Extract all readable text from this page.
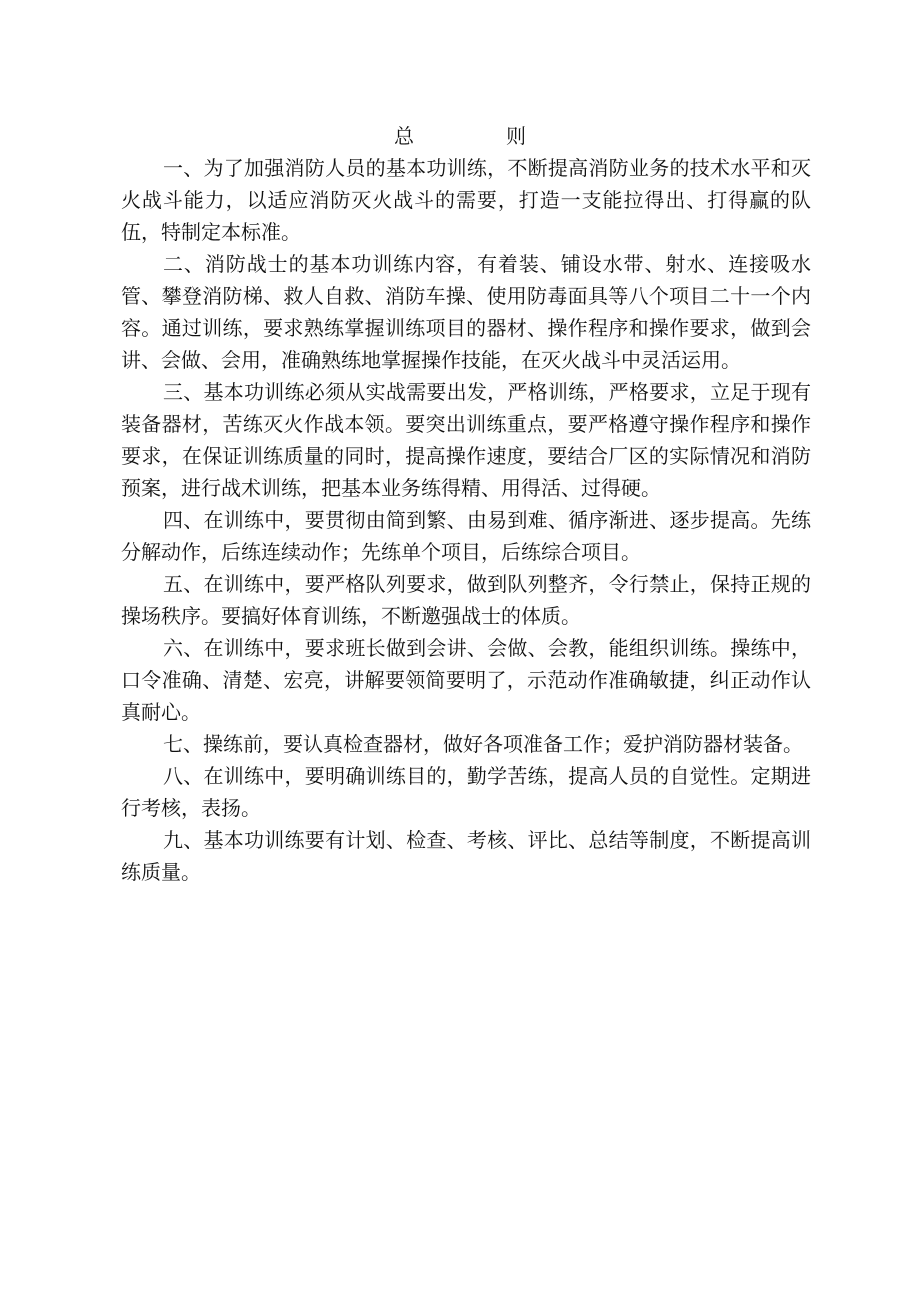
总	则

一、为了加强消防人员的基本功训练，不断提高消防业务的技术水平和灭火战斗能力，以适应消防灭火战斗的需要，打造一支能拉得出、打得赢的队伍，特制定本标准。

二、消防战士的基本功训练内容，有着装、铺设水带、射水、连接吸水管、攀登消防梯、救人自救、消防车操、使用防毒面具等八个项目二十一个内容。通过训练，要求熟练掌握训练项目的器材、操作程序和操作要求，做到会讲、会做、会用，准确熟练地掌握操作技能，在灭火战斗中灵活运用。

三、基本功训练必须从实战需要出发，严格训练，严格要求，立足于现有装备器材，苦练灭火作战本领。要突出训练重点，要严格遵守操作程序和操作要求，在保证训练质量的同时，提高操作速度，要结合厂区的实际情况和消防预案，进行战术训练，把基本业务练得精、用得活、过得硬。

四、在训练中，要贯彻由简到繁、由易到难、循序渐进、逐步提高。先练分解动作，后练连续动作；先练单个项目，后练综合项目。

五、在训练中，要严格队列要求，做到队列整齐，令行禁止，保持正规的操场秩序。要搞好体育训练，不断邀强战士的体质。

六、在训练中，要求班长做到会讲、会做、会教，能组织训练。操练中，口令准确、清楚、宏亮，讲解要领简要明了，示范动作准确敏捷，纠正动作认真耐心。

七、操练前，要认真检查器材，做好各项准备工作；爱护消防器材装备。

八、在训练中，要明确训练目的，勤学苦练，提高人员的自觉性。定期进行考核，表扬。

九、基本功训练要有计划、检查、考核、评比、总结等制度，不断提高训练质量。
